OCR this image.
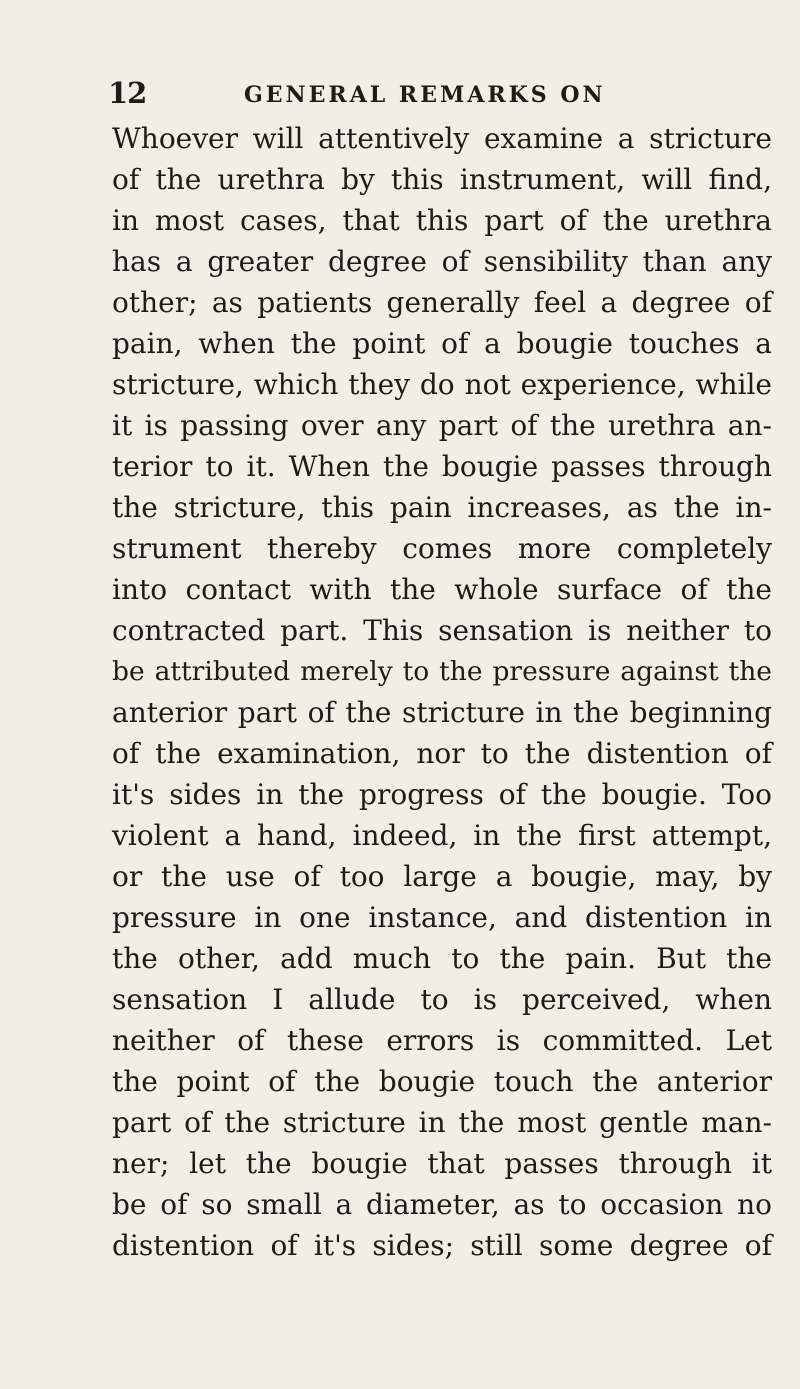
12	GENERAL REMARKS ON
Whoever will attentively examine a stricture
of the urethra by this instrument, will find,
in most cases, that this part of the urethra
has a greater degree of sensibility than any
other; as patients generally feel a degree of
pain, when the point of a bougie touches a
stricture, which they do not experience, while
it is passing over any part of the urethra an-
terior to it. When the bougie passes through
the stricture, this pain increases, as the in-
strument thereby comes more completely
into contact with the whole surface of the
contracted part. This sensation is neither to
be attributed merely to the pressure against the
anterior part of the stricture in the beginning
of the examination, nor to the distention of
it's sides in the progress of the bougie. Too
violent a hand, indeed, in the first attempt,
or the use of too large a bougie, may, by
pressure in one instance, and distention in
the other, add much to the pain. But the
sensation I allude to is perceived, when
neither of these errors is committed. Let
the point of the bougie touch the anterior
part of the stricture in the most gentle man-
ner; let the bougie that passes through it
be of so small a diameter, as to occasion no
distention of it's sides; still some degree of
